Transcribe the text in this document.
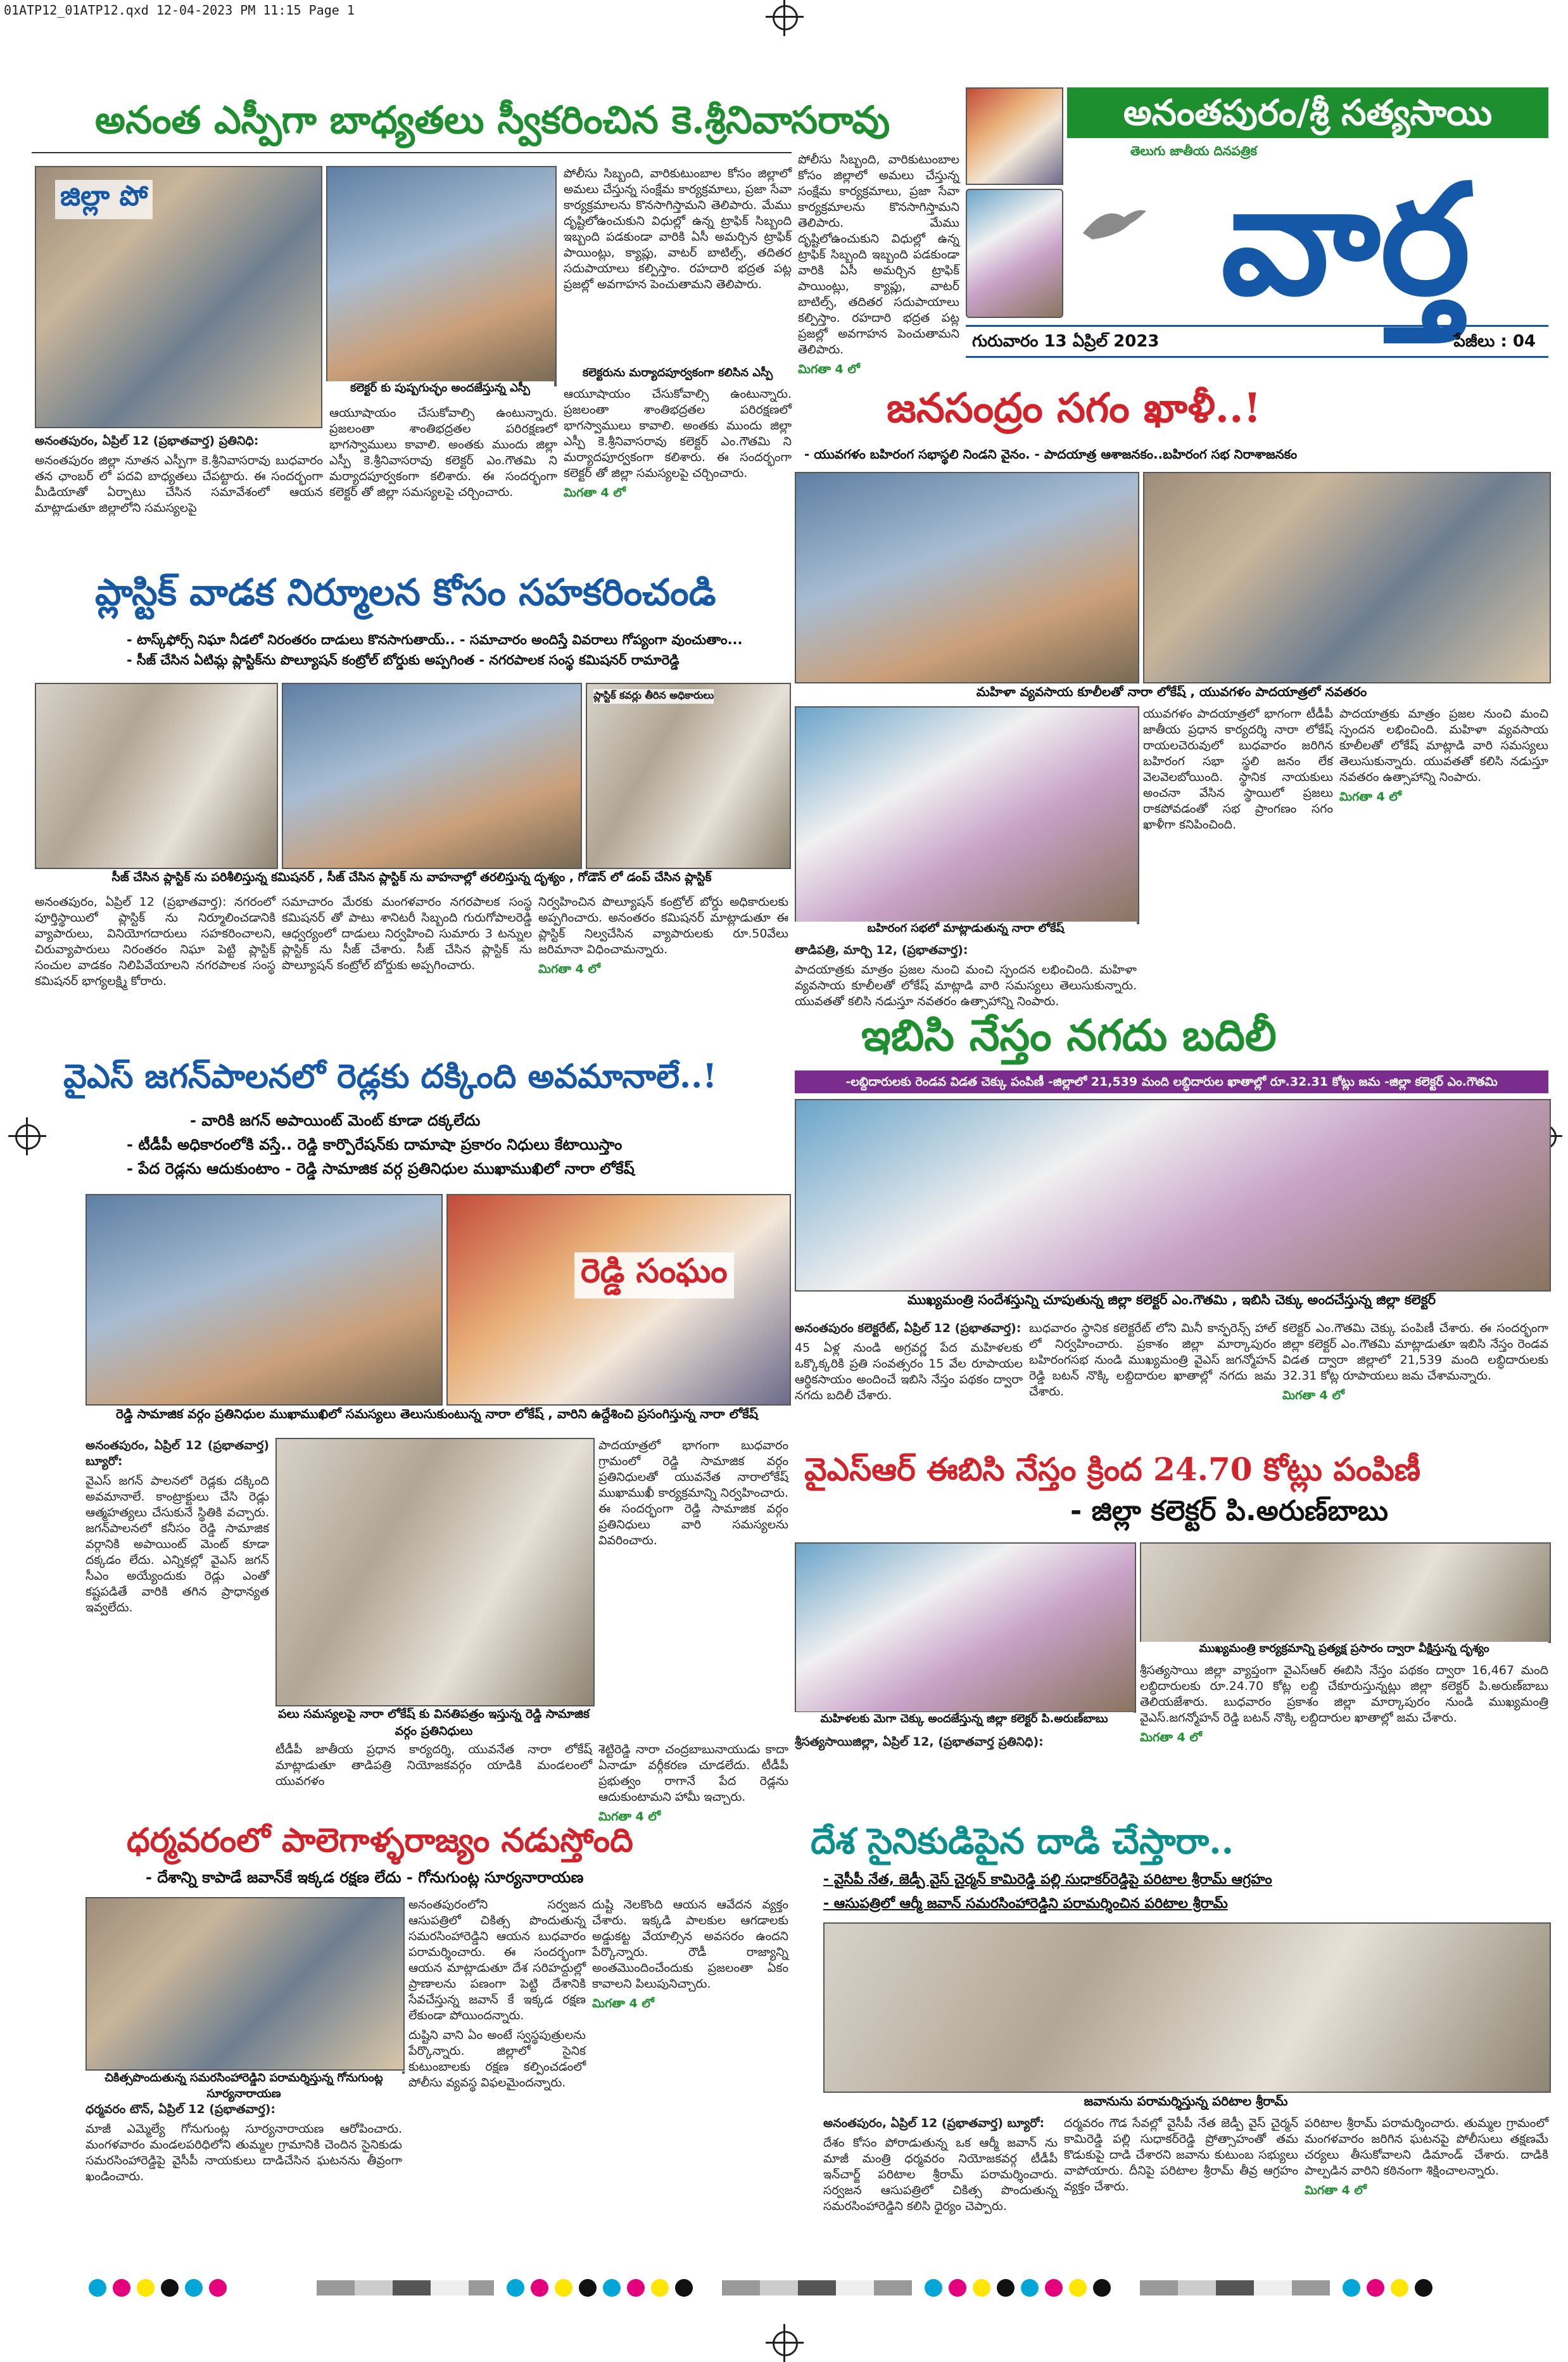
01ATP12_01ATP12.qxd 12-04-2023 PM 11:15 Page 1
అనంతపురం/శ్రీ సత్యసాయి
తెలుగు జాతీయ దినపత్రిక
వార్త
గురువారం 13 ఏప్రిల్ 2023	పేజీలు : 04
అనంత ఎస్పీగా బాధ్యతలు స్వీకరించిన కె.శ్రీనివాసరావు
జిల్లా పో
కలెక్టర్ కు పుష్పగుచ్ఛం అందజేస్తున్న ఎస్పీ

అనంతపురం, ఏప్రిల్ 12 (ప్రభాతవార్త) ప్రతినిధి:

అనంతపురం జిల్లా నూతన ఎస్పీగా కె.శ్రీనివాసరావు బుధవారం తన ఛాంబర్ లో పదవి బాధ్యతలు చేపట్టారు. ఈ సందర్భంగా మీడియాతో ఏర్పాటు చేసిన సమావేశంలో ఆయన మాట్లాడుతూ జిల్లాలోని సమస్యలపై

ఆయూషాయం చేసుకోవాల్సి ఉంటున్నారు. ప్రజలంతా శాంతిభద్రతల పరిరక్షణలో భాగస్వాములు కావాలి. అంతకు ముందు జిల్లా ఎస్పీ కె.శ్రీనివాసరావు కలెక్టర్ ఎం.గౌతమి ని మర్యాదపూర్వకంగా కలిశారు. ఈ సందర్భంగా కలెక్టర్ తో జిల్లా సమస్యలపై చర్చించారు.

పోలీసు సిబ్బంది, వారికుటుంబాల కోసం జిల్లాలో అమలు చేస్తున్న సంక్షేమ కార్యక్రమాలు, ప్రజా సేవా కార్యక్రమాలను కొనసాగిస్తామని తెలిపారు. మేము దృష్టిలోఉంచుకుని విధుల్లో ఉన్న ట్రాఫిక్ సిబ్బంది ఇబ్బంది పడకుండా వారికి ఏసీ అమర్చిన ట్రాఫిక్ పాయింట్లు, క్యాప్లు, వాటర్ బాటిల్స్, తదితర సదుపాయాలు కల్పిస్తాం. రహదారి భద్రత పట్ల ప్రజల్లో అవగాహన పెంచుతామని తెలిపారు.

కలెక్టరును మర్యాదపూర్వకంగా కలిసిన ఎస్పీ

ఆయూషాయం చేసుకోవాల్సి ఉంటున్నారు. ప్రజలంతా శాంతిభద్రతల పరిరక్షణలో భాగస్వాములు కావాలి. అంతకు ముందు జిల్లా ఎస్పీ కె.శ్రీనివాసరావు కలెక్టర్ ఎం.గౌతమి ని మర్యాదపూర్వకంగా కలిశారు. ఈ సందర్భంగా కలెక్టర్ తో జిల్లా సమస్యలపై చర్చించారు.

మిగతా 4 లో

పోలీసు సిబ్బంది, వారికుటుంబాల కోసం జిల్లాలో అమలు చేస్తున్న సంక్షేమ కార్యక్రమాలు, ప్రజా సేవా కార్యక్రమాలను కొనసాగిస్తామని తెలిపారు. మేము దృష్టిలోఉంచుకుని విధుల్లో ఉన్న ట్రాఫిక్ సిబ్బంది ఇబ్బంది పడకుండా వారికి ఏసీ అమర్చిన ట్రాఫిక్ పాయింట్లు, క్యాప్లు, వాటర్ బాటిల్స్, తదితర సదుపాయాలు కల్పిస్తాం. రహదారి భద్రత పట్ల ప్రజల్లో అవగాహన పెంచుతామని తెలిపారు.

మిగతా 4 లో
ప్లాస్టిక్ వాడక నిర్మూలన కోసం సహకరించండి
- టాస్క్‌ఫోర్స్ నిఘా నీడలో నిరంతరం దాడులు కొనసాగుతాయ్.. - సమాచారం అందిస్తే వివరాలు గోప్యంగా వుంచుతాం...
- సీజ్ చేసిన ఏటిమ్ల ప్లాస్టిక్‌ను పొల్యూషన్ కంట్రోల్ బోర్డుకు అప్పగింత - నగరపాలక సంస్థ కమిషనర్ రామారెడ్డి
ప్లాస్టిక్ కవర్లు తీరిన అధికారులు
సీజ్ చేసిన ప్లాస్టిక్ ను పరిశీలిస్తున్న కమిషనర్ , సీజ్ చేసిన ప్లాస్టిక్ ను వాహనాల్లో తరలిస్తున్న దృశ్యం , గోడౌన్ లో డంప్ చేసిన ప్లాస్టిక్

అనంతపురం, ఏప్రిల్ 12 (ప్రభాతవార్త): నగరంలో పూర్తిస్థాయిలో ప్లాస్టిక్ ను నిర్మూలించడానికి వ్యాపారులు, వినియోగదారులు సహకరించాలని, చిరువ్యాపారులు నిరంతరం నిఘా పెట్టి ప్లాస్టిక్ సంచుల వాడకం నిలిపివేయాలని నగరపాలక సంస్థ కమిషనర్ భాగ్యలక్ష్మి కోరారు.

సమాచారం మేరకు మంగళవారం నగరపాలక సంస్థ కమిషనర్ తో పాటు శానిటరీ సిబ్బంది గురుగోపాలరెడ్డి ఆధ్వర్యంలో దాడులు నిర్వహించి సుమారు 3 టన్నుల ప్లాస్టిక్ ను సీజ్ చేశారు. సీజ్ చేసిన ప్లాస్టిక్ ను పొల్యూషన్ కంట్రోల్ బోర్డుకు అప్పగించారు.

నిర్వహించిన పొల్యూషన్ కంట్రోల్ బోర్డు అధికారులకు అప్పగించారు. అనంతరం కమిషనర్ మాట్లాడుతూ ఈ ప్లాస్టిక్ నిల్వచేసిన వ్యాపారులకు రూ.50వేలు జరిమానా విధించామన్నారు.

మిగతా 4 లో
జనసంద్రం సగం ఖాళీ..!
- యువగళం బహిరంగ సభాస్థలి నిండని వైనం. - పాదయాత్ర ఆశాజనకం..బహిరంగ సభ నిరాశాజనకం
మహిళా వ్యవసాయ కూలీలతో నారా లోకేష్ , యువగళం పాదయాత్రలో నవతరం
బహిరంగ సభలో మాట్లాడుతున్న నారా లోకేష్

తాడిపత్రి, మార్చి 12, (ప్రభాతవార్త):

పాదయాత్రకు మాత్రం ప్రజల నుంచి మంచి స్పందన లభించింది. మహిళా వ్యవసాయ కూలీలతో లోకేష్ మాట్లాడి వారి సమస్యలు తెలుసుకున్నారు. యువతతో కలిసి నడుస్తూ నవతరం ఉత్సాహాన్ని నింపారు.

యువగళం పాదయాత్రలో భాగంగా టీడీపీ జాతీయ ప్రధాన కార్యదర్శి నారా లోకేష్ రాయలచెరువులో బుధవారం జరిగిన బహిరంగ సభా స్థలి జనం లేక వెలవెలబోయింది. స్థానిక నాయకులు అంచనా వేసిన స్థాయిలో ప్రజలు రాకపోవడంతో సభ ప్రాంగణం సగం ఖాళీగా కనిపించింది.

పాదయాత్రకు మాత్రం ప్రజల నుంచి మంచి స్పందన లభించింది. మహిళా వ్యవసాయ కూలీలతో లోకేష్ మాట్లాడి వారి సమస్యలు తెలుసుకున్నారు. యువతతో కలిసి నడుస్తూ నవతరం ఉత్సాహాన్ని నింపారు.

మిగతా 4 లో
ఇబిసి నేస్తం నగదు బదిలీ
-లబ్దిదారులకు రెండవ విడత చెక్కు పంపిణీ -జిల్లాలో 21,539 మంది లబ్ధిదారుల ఖాతాల్లో రూ.32.31 కోట్లు జమ -జిల్లా కలెక్టర్ ఎం.గౌతమి
ముఖ్యమంత్రి సందేశస్తున్ని చూపుతున్న జిల్లా కలెక్టర్ ఎం.గౌతమి , ఇబిసి చెక్కు అందచేస్తున్న జిల్లా కలెక్టర్

అనంతపురం కలెక్టరేట్, ఏప్రిల్ 12 (ప్రభాతవార్త):

45 ఏళ్ల నుండి అగ్రవర్ణ పేద మహిళలకు ఒక్కొక్కరికి ప్రతి సంవత్సరం 15 వేల రూపాయల ఆర్థికసాయం అందించే ఇబిసి నేస్తం పథకం ద్వారా నగదు బదిలీ చేశారు.

బుధవారం స్థానిక కలెక్టరేట్ లోని మినీ కాన్ఫరెన్స్ హాల్ లో నిర్వహించారు. ప్రకాశం జిల్లా మార్కాపురం బహిరంగసభ నుండి ముఖ్యమంత్రి వైఎస్ జగన్మోహన్ రెడ్డి బటన్ నొక్కి లబ్దిదారుల ఖాతాల్లో నగదు జమ చేశారు.

కలెక్టర్ ఎం.గౌతమి చెక్కు పంపిణీ చేశారు. ఈ సందర్భంగా జిల్లా కలెక్టర్ ఎం.గౌతమి మాట్లాడుతూ ఇబిసి నేస్తం రెండవ విడత ద్వారా జిల్లాలో 21,539 మంది లబ్ధిదారులకు 32.31 కోట్ల రూపాయలు జమ చేశామన్నారు.

మిగతా 4 లో
వైఎస్ జగన్‌పాలనలో రెడ్లకు దక్కింది అవమానాలే..!
- వారికి జగన్ అపాయింట్ మెంట్ కూడా దక్కలేదు
- టీడీపీ అధికారంలోకి వస్తే.. రెడ్డి కార్పొరేషన్‌కు దామాషా ప్రకారం నిధులు కేటాయిస్తాం
- పేద రెడ్లను ఆదుకుంటాం - రెడ్డి సామాజిక వర్గ ప్రతినిధుల ముఖాముఖిలో నారా లోకేష్
రెడ్డి సంఘం
రెడ్డి సామాజిక వర్గం ప్రతినిధుల ముఖాముఖిలో సమస్యలు తెలుసుకుంటున్న నారా లోకేష్ , వారిని ఉద్దేశించి ప్రసంగిస్తున్న నారా లోకేష్

అనంతపురం, ఏప్రిల్ 12 (ప్రభాతవార్త) బ్యూరో:

వైఎస్ జగన్ పాలనలో రెడ్లకు దక్కింది అవమానాలే. కాంట్రాక్టులు చేసి రెడ్లు ఆత్మహత్యలు చేసుకునే స్థితికి వచ్చారు. జగన్‌పాలనలో కనీసం రెడ్డి సామాజిక వర్గానికి అపాయింట్ మెంట్ కూడా దక్కడం లేదు. ఎన్నికల్లో వైఎస్ జగన్ సీఎం అయ్యేందుకు రెడ్లు ఎంతో కష్టపడితే వారికి తగిన ప్రాధాన్యత ఇవ్వలేదు.

పలు సమస్యలపై నారా లోకేష్ కు వినతిపత్రం ఇస్తున్న రెడ్డి సామాజిక వర్గం ప్రతినిధులు

పాదయాత్రలో భాగంగా బుధవారం గ్రామంలో రెడ్డి సామాజిక వర్గం ప్రతినిధులతో యువనేత నారాలోకేష్ ముఖాముఖీ కార్యక్రమాన్ని నిర్వహించారు. ఈ సందర్భంగా రెడ్డి సామాజిక వర్గం ప్రతినిధులు వారి సమస్యలను వివరించారు.

టీడీపీ జాతీయ ప్రధాన కార్యదర్శి, యువనేత నారా లోకేష్ మాట్లాడుతూ తాడిపత్రి నియోజకవర్గం యాడికి మండలంలో యువగళం

శెట్టిరెడ్డి నారా చంద్రబాబునాయుడు కాదా ఏనాడూ వర్గీకరణ చూడలేదు. టీడీపీ ప్రభుత్వం రాగానే పేద రెడ్లను ఆదుకుంటామని హామీ ఇచ్చారు.

మిగతా 4 లో
వైఎస్ఆర్ ఈబిసి నేస్తం క్రింద 24.70 కోట్లు పంపిణీ
- జిల్లా కలెక్టర్ పి.అరుణ్‌బాబు
ముఖ్యమంత్రి కార్యక్రమాన్ని ప్రత్యక్ష ప్రసారం ద్వారా వీక్షిస్తున్న దృశ్యం
మహిళలకు మెగా చెక్కు అందజేస్తున్న జిల్లా కలెక్టర్ పి.అరుణ్‌బాబు

శ్రీసత్యసాయిజిల్లా, ఏప్రిల్ 12, (ప్రభాతవార్త ప్రతినిధి):

శ్రీసత్యసాయి జిల్లా వ్యాప్తంగా వైఎస్ఆర్ ఈబిసి నేస్తం పథకం ద్వారా 16,467 మంది లబ్ధిదారులకు రూ.24.70 కోట్ల లబ్ది చేకూరుస్తున్నట్లు జిల్లా కలెక్టర్ పి.అరుణ్‌బాబు తెలియజేశారు. బుధవారం ప్రకాశం జిల్లా మార్కాపురం నుండి ముఖ్యమంత్రి వైఎస్.జగన్మోహన్ రెడ్డి బటన్ నొక్కి లబ్దిదారుల ఖాతాల్లో జమ చేశారు.

మిగతా 4 లో
ధర్మవరంలో పాలెగాళ్ళరాజ్యం నడుస్తోంది
- దేశాన్ని కాపాడే జవాన్‌కే ఇక్కడ రక్షణ లేదు - గోనుగుంట్ల సూర్యనారాయణ
చికిత్సపొందుతున్న సమరసింహారెడ్డిని పరామర్శిస్తున్న గోనుగుంట్ల సూర్యనారాయణ

ధర్మవరం టౌన్, ఏప్రిల్ 12 (ప్రభాతవార్త):

మాజీ ఎమ్మెల్యే గోనుగుంట్ల సూర్యనారాయణ ఆరోపించారు. మంగళవారం మండలపరిధిలోని తుమ్మల గ్రామానికి చెందిన సైనికుడు సమరసింహారెడ్డిపై వైసీపీ నాయకులు దాడిచేసిన ఘటనను తీవ్రంగా ఖండించారు.

అనంతపురంలోని సర్వజన ఆసుపత్రిలో చికిత్స పొందుతున్న సమరసింహారెడ్డిని ఆయన బుధవారం పరామర్శించారు. ఈ సందర్భంగా ఆయన మాట్లాడుతూ దేశ సరిహద్దుల్లో ప్రాణాలను పణంగా పెట్టి దేశానికి సేవచేస్తున్న జవాన్ కే ఇక్కడ రక్షణ లేకుండా పోయిందన్నారు.

దుష్టిని వాని ఏం అంటే స్వస్థపుత్రులను పేర్కొన్నారు. జిల్లాలో సైనిక కుటుంబాలకు రక్షణ కల్పించడంలో పోలీసు వ్యవస్థ విఫలమైందన్నారు.

దుష్టి నెలకొంది ఆయన ఆవేదన వ్యక్తం చేశారు. ఇక్కడి పాలకుల ఆగడాలకు అడ్డుకట్ట వేయాల్సిన అవసరం ఉందని పేర్కొన్నారు. రౌడీ రాజ్యాన్ని అంతమొందించేందుకు ప్రజలంతా ఏకం కావాలని పిలుపునిచ్చారు.

మిగతా 4 లో
దేశ సైనికుడిపైన దాడి చేస్తారా..
- వైసీపీ నేత, జెడ్పీ వైస్ చైర్మన్ కామిరెడ్డి పల్లి సుధాకర్‌రెడ్డిపై పరిటాల శ్రీరామ్ ఆగ్రహం
- ఆసుపత్రిలో ఆర్మీ జవాన్ సమరసింహారెడ్డిని పరామర్శించిన పరిటాల శ్రీరామ్
జవానును పరామర్శిస్తున్న పరిటాల శ్రీరామ్

అనంతపురం, ఏప్రిల్ 12 (ప్రభాతవార్త) బ్యూరో:

దేశం కోసం పోరాడుతున్న ఒక ఆర్మీ జవాన్ ను మాజీ మంత్రి ధర్మవరం నియోజకవర్గ టీడీపీ ఇన్‌చార్జ్ పరిటాల శ్రీరామ్ పరామర్శించారు. సర్వజన ఆసుపత్రిలో చికిత్స పొందుతున్న సమరసింహారెడ్డిని కలిసి ధైర్యం చెప్పారు.

దర్మవరం గౌడ సేవల్లో వైసీపీ నేత జెడ్పీ వైస్ చైర్మన్ కామిరెడ్డి పల్లి సుధాకర్‌రెడ్డి ప్రోత్సాహంతో తమ కొడుకుపై దాడి చేశారని జవాను కుటుంబ సభ్యులు వాపోయారు. దీనిపై పరిటాల శ్రీరామ్ తీవ్ర ఆగ్రహం వ్యక్తం చేశారు.

పరిటాల శ్రీరామ్ పరామర్శించారు. తుమ్మల గ్రామంలో మంగళవారం జరిగిన ఘటనపై పోలీసులు తక్షణమే చర్యలు తీసుకోవాలని డిమాండ్ చేశారు. దాడికి పాల్పడిన వారిని కఠినంగా శిక్షించాలన్నారు.

మిగతా 4 లో
